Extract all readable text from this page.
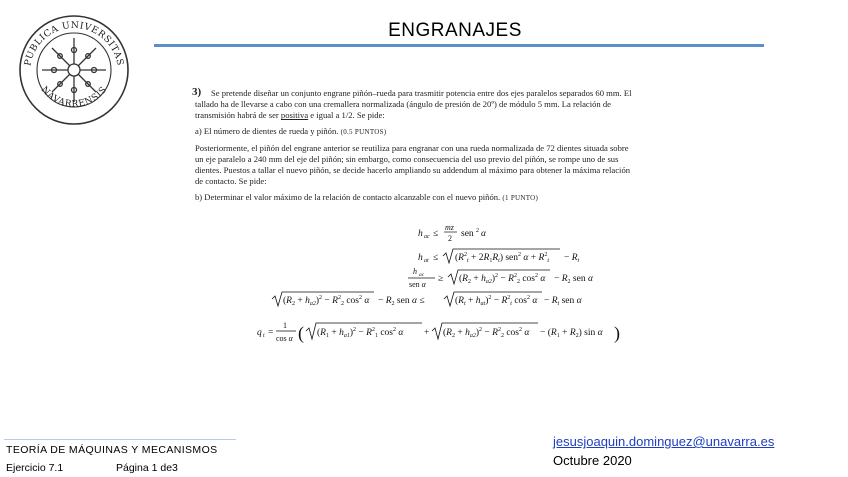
PUBLICA UNIVERSITAS
NAVARRENSIS
ENGRANAJES
3)	Se pretende diseñar un conjunto engrane piñón–rueda para trasmitir potencia entre dos ejes paralelos separados 60 mm. El tallado ha de llevarse a cabo con una cremallera normalizada (ángulo de presión de 20º) de módulo 5 mm. La relación de transmisión habrá de ser positiva e igual a 1/2. Se pide:

a) El número de dientes de rueda y piñón. (0.5 PUNTOS)

Posteriormente, el piñón del engrane anterior se reutiliza para engranar con una rueda normalizada de 72 dientes situada sobre un eje paralelo a 240 mm del eje del piñón; sin embargo, como consecuencia del uso previo del piñón, se rompe uno de sus dientes. Puestos a tallar el nuevo piñón, se decide hacerlo ampliando su addendum al máximo para obtener la máxima relación de contacto. Se pide:

b) Determinar el valor máximo de la relación de contacto alcanzable con el nuevo piñón. (1 PUNTO)

h ac ≤
mz
2 sen 2 α
h at ≤ $(R^2_t + 2R_1R_t)$ sen$^2$ $\alpha + R^2_t - R_t$
h ac
sen α
≥ $(R_2 + h_{a2})^2 - R^2_2$ $\cos^2 \alpha - R_2$ sen α
$(R_2 + h_{a2})^2 - R^2_2$ $\cos^2 \alpha - R_2$ sen α ≤	$(R_t + h_{at})^2 - R^2_t$ $\cos^2 \alpha - R_t$ sen α
q t =
1
cos α ( $(R_1 + h_{a1})^2 - R^2_1$ $\cos^2 \alpha + (R_2 + h_{a2})^2 - R^2_2$ $\cos^2 \alpha - (R_1 + R_2)$ sin α )
TEORÍA DE MÁQUINAS Y MECANISMOS
Ejercicio 7.1	Página 1 de3
jesusjoaquin.dominguez@unavarra.es
Octubre 2020
